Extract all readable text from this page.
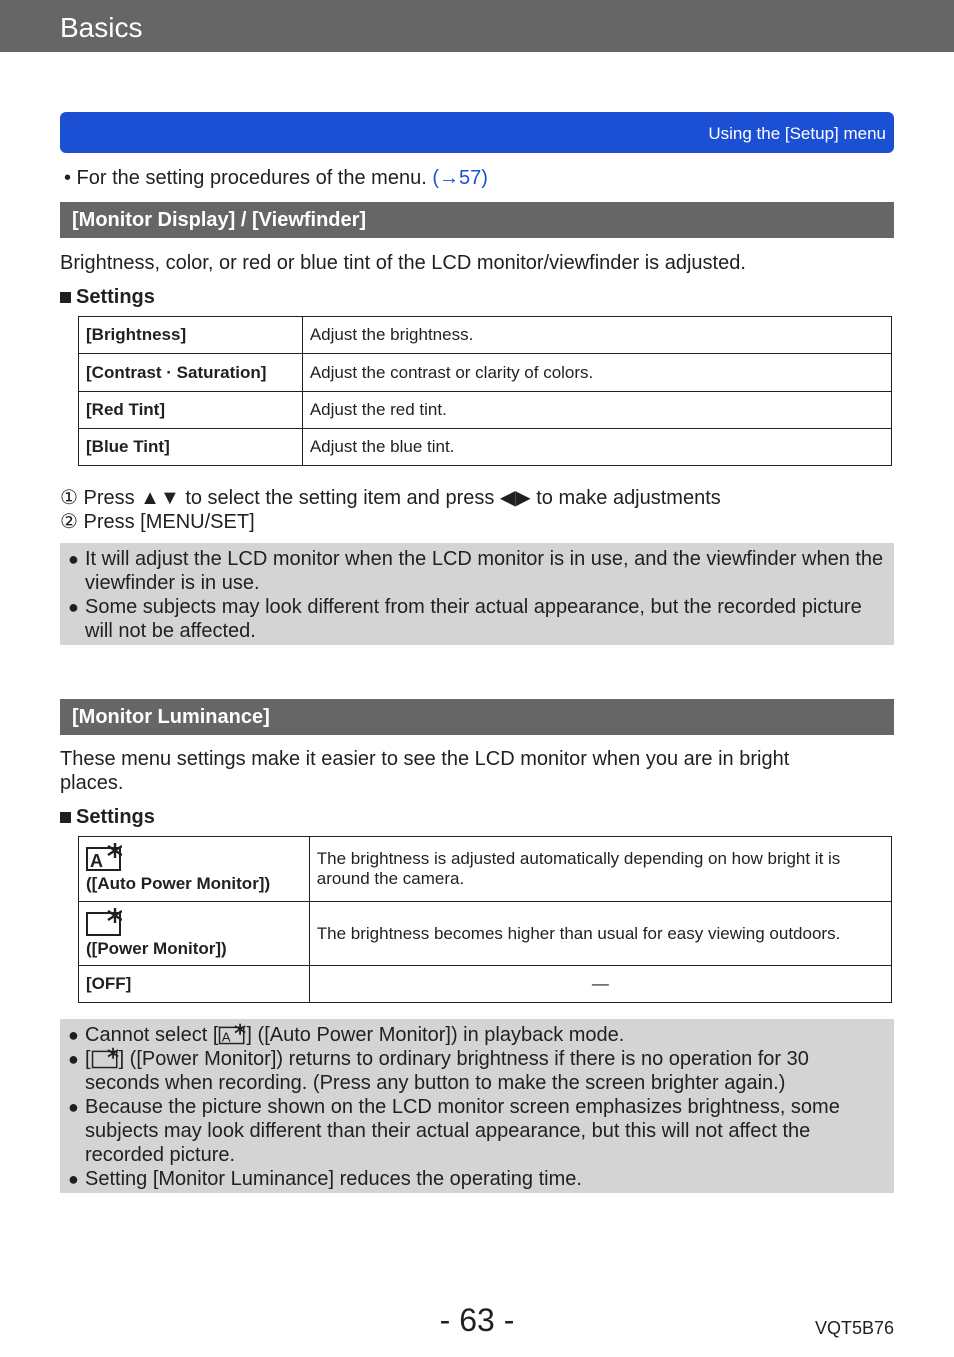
Basics
Using the [Setup] menu
• For the setting procedures of the menu. (→57)
[Monitor Display] / [Viewfinder]
Brightness, color, or red or blue tint of the LCD monitor/viewfinder is adjusted.
Settings
[Brightness]	Adjust the brightness.
[Contrast · Saturation]	Adjust the contrast or clarity of colors.
[Red Tint]	Adjust the red tint.
[Blue Tint]	Adjust the blue tint.
① Press ▲▼ to select the setting item and press ◀▶ to make adjustments
② Press [MENU/SET]
● It will adjust the LCD monitor when the LCD monitor is in use, and the viewfinder when the viewfinder is in use.
● Some subjects may look different from their actual appearance, but the recorded picture will not be affected.
[Monitor Luminance]
These menu settings make it easier to see the LCD monitor when you are in bright places.
Settings
A
([Auto Power Monitor])	The brightness is adjusted automatically depending on how bright it is around the camera.

([Power Monitor])	The brightness becomes higher than usual for easy viewing outdoors.
[OFF]	—
● Cannot select [ A ] ([Auto Power Monitor]) in playback mode.
● [ ] ([Power Monitor]) returns to ordinary brightness if there is no operation for 30 seconds when recording. (Press any button to make the screen brighter again.)
● Because the picture shown on the LCD monitor screen emphasizes brightness, some subjects may look different than their actual appearance, but this will not affect the recorded picture.
● Setting [Monitor Luminance] reduces the operating time.
- 63 -	VQT5B76
